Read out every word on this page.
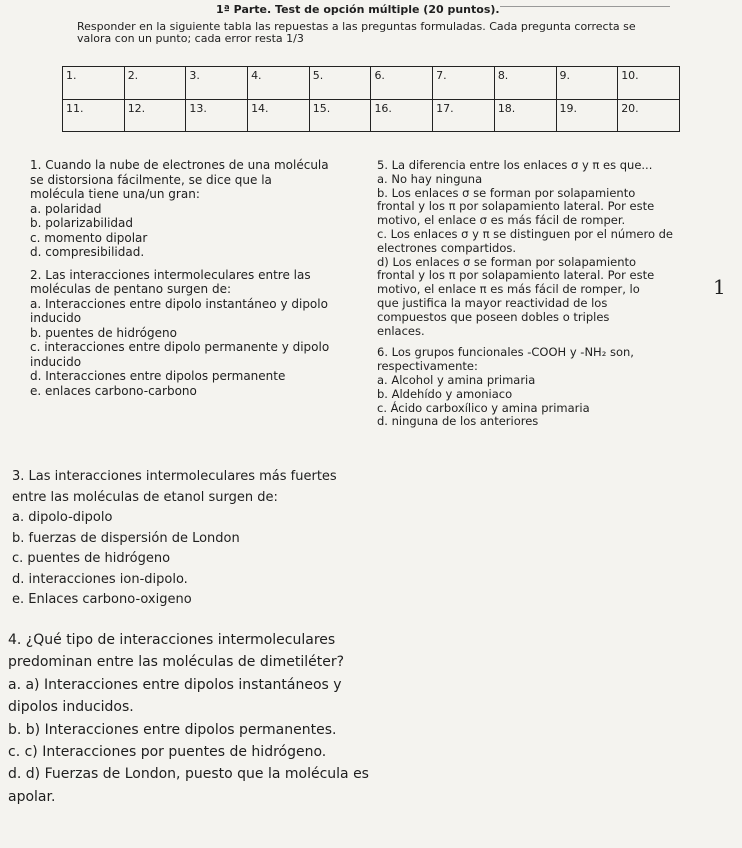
1ª Parte. Test de opción múltiple (20 puntos).
Responder en la siguiente tabla las repuestas a las preguntas formuladas. Cada pregunta correcta se
valora con un punto; cada error resta 1/3
1.	2.	3.	4.	5.	6.	7.	8.	9.	10.
11.	12.	13.	14.	15.	16.	17.	18.	19.	20.
1. Cuando la nube de electrones de una molécula
se distorsiona fácilmente, se dice que la
molécula tiene una/un gran:
a. polaridad
b. polarizabilidad
c. momento dipolar
d. compresibilidad.
2. Las interacciones intermoleculares entre las
moléculas de pentano surgen de:
a. Interacciones entre dipolo instantáneo y dipolo
inducido
b. puentes de hidrógeno
c. interacciones entre dipolo permanente y dipolo
inducido
d. Interacciones entre dipolos permanente
e. enlaces carbono-carbono
3. Las interacciones intermoleculares más fuertes
entre las moléculas de etanol surgen de:
a. dipolo-dipolo
b. fuerzas de dispersión de London
c. puentes de hidrógeno
d. interacciones ion-dipolo.
e. Enlaces carbono-oxigeno
5. La diferencia entre los enlaces σ y π es que...
a. No hay ninguna
b. Los enlaces σ se forman por solapamiento
frontal y los π por solapamiento lateral. Por este
motivo, el enlace σ es más fácil de romper.
c. Los enlaces σ y π se distinguen por el número de
electrones compartidos.
d) Los enlaces σ se forman por solapamiento
frontal y los π por solapamiento lateral. Por este
motivo, el enlace π es más fácil de romper, lo
que justifica la mayor reactividad de los
compuestos que poseen dobles o triples
enlaces.
6. Los grupos funcionales -COOH y -NH₂ son,
respectivamente:
a. Alcohol y amina primaria
b. Aldehído y amoniaco
c. Ácido carboxílico y amina primaria
d. ninguna de los anteriores
1
4. ¿Qué tipo de interacciones intermoleculares
predominan entre las moléculas de dimetiléter?
a. a) Interacciones entre dipolos instantáneos y
dipolos inducidos.
b. b) Interacciones entre dipolos permanentes.
c. c) Interacciones por puentes de hidrógeno.
d. d) Fuerzas de London, puesto que la molécula es
apolar.
